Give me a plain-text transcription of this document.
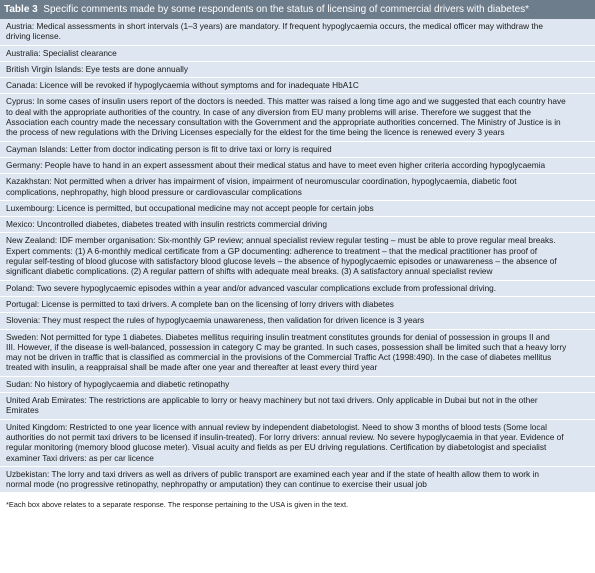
Table 3 Specific comments made by some respondents on the status of licensing of commercial drivers with diabetes*
Austria: Medical assessments in short intervals (1–3 years) are mandatory. If frequent hypoglycaemia occurs, the medical officer may withdraw the
driving license.
Australia: Specialist clearance
British Virgin Islands: Eye tests are done annually
Canada: Licence will be revoked if hypoglycaemia without symptoms and for inadequate HbA1C
Cyprus: In some cases of insulin users report of the doctors is needed. This matter was raised a long time ago and we suggested that each country have
to deal with the appropriate authorities of the country. In case of any diversion from EU many problems will arise. Therefore we suggest that the
Association each country made the necessary consultation with the Government and the appropriate authorities concerned. The Ministry of Justice is in
the process of new regulations with the Driving Licenses especially for the eldest for the time being the licence is renewed every 3 years
Cayman Islands: Letter from doctor indicating person is fit to drive taxi or lorry is required
Germany: People have to hand in an expert assessment about their medical status and have to meet even higher criteria according hypoglycaemia
Kazakhstan: Not permitted when a driver has impairment of vision, impairment of neuromuscular coordination, hypoglycaemia, diabetic foot
complications, nephropathy, high blood pressure or cardiovascular complications
Luxembourg: Licence is permitted, but occupational medicine may not accept people for certain jobs
Mexico: Uncontrolled diabetes, diabetes treated with insulin restricts commercial driving
New Zealand: IDF member organisation: Six-monthly GP review; annual specialist review regular testing – must be able to prove regular meal breaks.
Expert comments: (1) A 6-monthly medical certificate from a GP documenting: adherence to treatment – that the medical practitioner has proof of
regular self-testing of blood glucose with satisfactory blood glucose levels – the absence of hypoglycaemic episodes or unawareness – the absence of
significant diabetic complications. (2) A regular pattern of shifts with adequate meal breaks. (3) A satisfactory annual specialist review
Poland: Two severe hypoglycaemic episodes within a year and/or advanced vascular complications exclude from professional driving.
Portugal: License is permitted to taxi drivers. A complete ban on the licensing of lorry drivers with diabetes
Slovenia: They must respect the rules of hypoglycaemia unawareness, then validation for driven licence is 3 years
Sweden: Not permitted for type 1 diabetes. Diabetes mellitus requiring insulin treatment constitutes grounds for denial of possession in groups II and
III. However, if the disease is well-balanced, possession in category C may be granted. In such cases, possession shall be limited such that a heavy lorry
may not be driven in traffic that is classified as commercial in the provisions of the Commercial Traffic Act (1998:490). In the case of diabetes mellitus
treated with insulin, a reappraisal shall be made after one year and thereafter at least every third year
Sudan: No history of hypoglycaemia and diabetic retinopathy
United Arab Emirates: The restrictions are applicable to lorry or heavy machinery but not taxi drivers. Only applicable in Dubai but not in the other
Emirates
United Kingdom: Restricted to one year licence with annual review by independent diabetologist. Need to show 3 months of blood tests (Some local
authorities do not permit taxi drivers to be licensed if insulin-treated). For lorry drivers: annual review. No severe hypoglycaemia in that year. Evidence of
regular monitoring (memory blood glucose meter). Visual acuity and fields as per EU driving regulations. Certification by diabetologist and specialist
examiner Taxi drivers: as per car licence
Uzbekistan: The lorry and taxi drivers as well as drivers of public transport are examined each year and if the state of health allow them to work in
normal mode (no progressive retinopathy, nephropathy or amputation) they can continue to exercise their usual job
*Each box above relates to a separate response. The response pertaining to the USA is given in the text.
